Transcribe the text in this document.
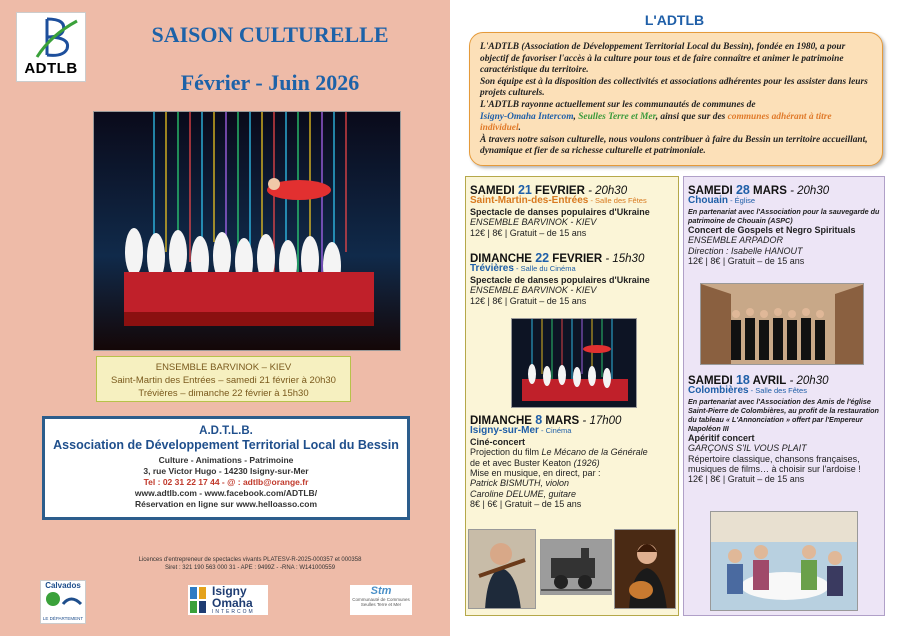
ADTLB
SAISON CULTURELLE
Février - Juin 2026
ENSEMBLE BARVINOK – KIEV
Saint-Martin des Entrées – samedi 21 février à 20h30
Trévières – dimanche 22 février à 15h30
A.D.T.L.B.
Association de Développement Territorial Local du Bessin
Culture - Animations - Patrimoine
3, rue Victor Hugo - 14230 Isigny-sur-Mer
Tel : 02 31 22 17 44 - @ : adtlb@orange.fr
www.adtlb.com - www.facebook.com/ADTLB/
Réservation en ligne sur www.helloasso.com
Licences d'entrepreneur de spectacles vivants PLATESV-R-2025-000357 et 000358
Siret : 321 190 563 000 31 - APE : 9499Z - -RNA : W141000559
Calvados
LE DÉPARTEMENT
Isigny
Omaha
INTERCOM
Stm
Communauté de Communes
Seulles Terre et Mer
L'ADTLB
L'ADTLB (Association de Développement Territorial Local du Bessin), fondée en 1980, a pour objectif de favoriser l'accès à la culture pour tous et de faire connaître et animer le patrimoine caractéristique du territoire.
Son équipe est à la disposition des collectivités et associations adhérentes pour les assister dans leurs projets culturels.
L'ADTLB rayonne actuellement sur les communautés de communes de
Isigny-Omaha Intercom, Seulles Terre et Mer, ainsi que sur des communes adhérant à titre individuel.
À travers notre saison culturelle, nous voulons contribuer à faire du Bessin un territoire accueillant, dynamique et fier de sa richesse culturelle et patrimoniale.
SAMEDI 21 FEVRIER - 20h30
Saint-Martin-des-Entrées - Salle des Fêtes
Spectacle de danses populaires d'Ukraine
ENSEMBLE BARVINOK - KIEV
12€ | 8€ | Gratuit – de 15 ans
DIMANCHE 22 FEVRIER - 15h30
Trévières - Salle du Cinéma
Spectacle de danses populaires d'Ukraine
ENSEMBLE BARVINOK - KIEV
12€ | 8€ | Gratuit – de 15 ans
DIMANCHE 8 MARS - 17h00
Isigny-sur-Mer - Cinéma
Ciné-concert
Projection du film Le Mécano de la Générale
de et avec Buster Keaton (1926)
Mise en musique, en direct, par :
Patrick BISMUTH, violon
Caroline DELUME, guitare
8€ | 6€ | Gratuit – de 15 ans
SAMEDI 28 MARS - 20h30
Chouain - Église
En partenariat avec l'Association pour la sauvegarde du patrimoine de Chouain (ASPC)
Concert de Gospels et Negro Spirituals
ENSEMBLE ARPADOR
Direction : Isabelle HANOUT
12€ | 8€ | Gratuit – de 15 ans
SAMEDI 18 AVRIL - 20h30
Colombières - Salle des Fêtes
En partenariat avec l'Association des Amis de l'église Saint-Pierre de Colombières, au profit de la restauration du tableau « L'Annonciation » offert par l'Empereur Napoléon III
Apéritif concert
GARÇONS S'IL VOUS PLAIT
Répertoire classique, chansons françaises, musiques de films… à choisir sur l'ardoise !
12€ | 8€ | Gratuit – de 15 ans
